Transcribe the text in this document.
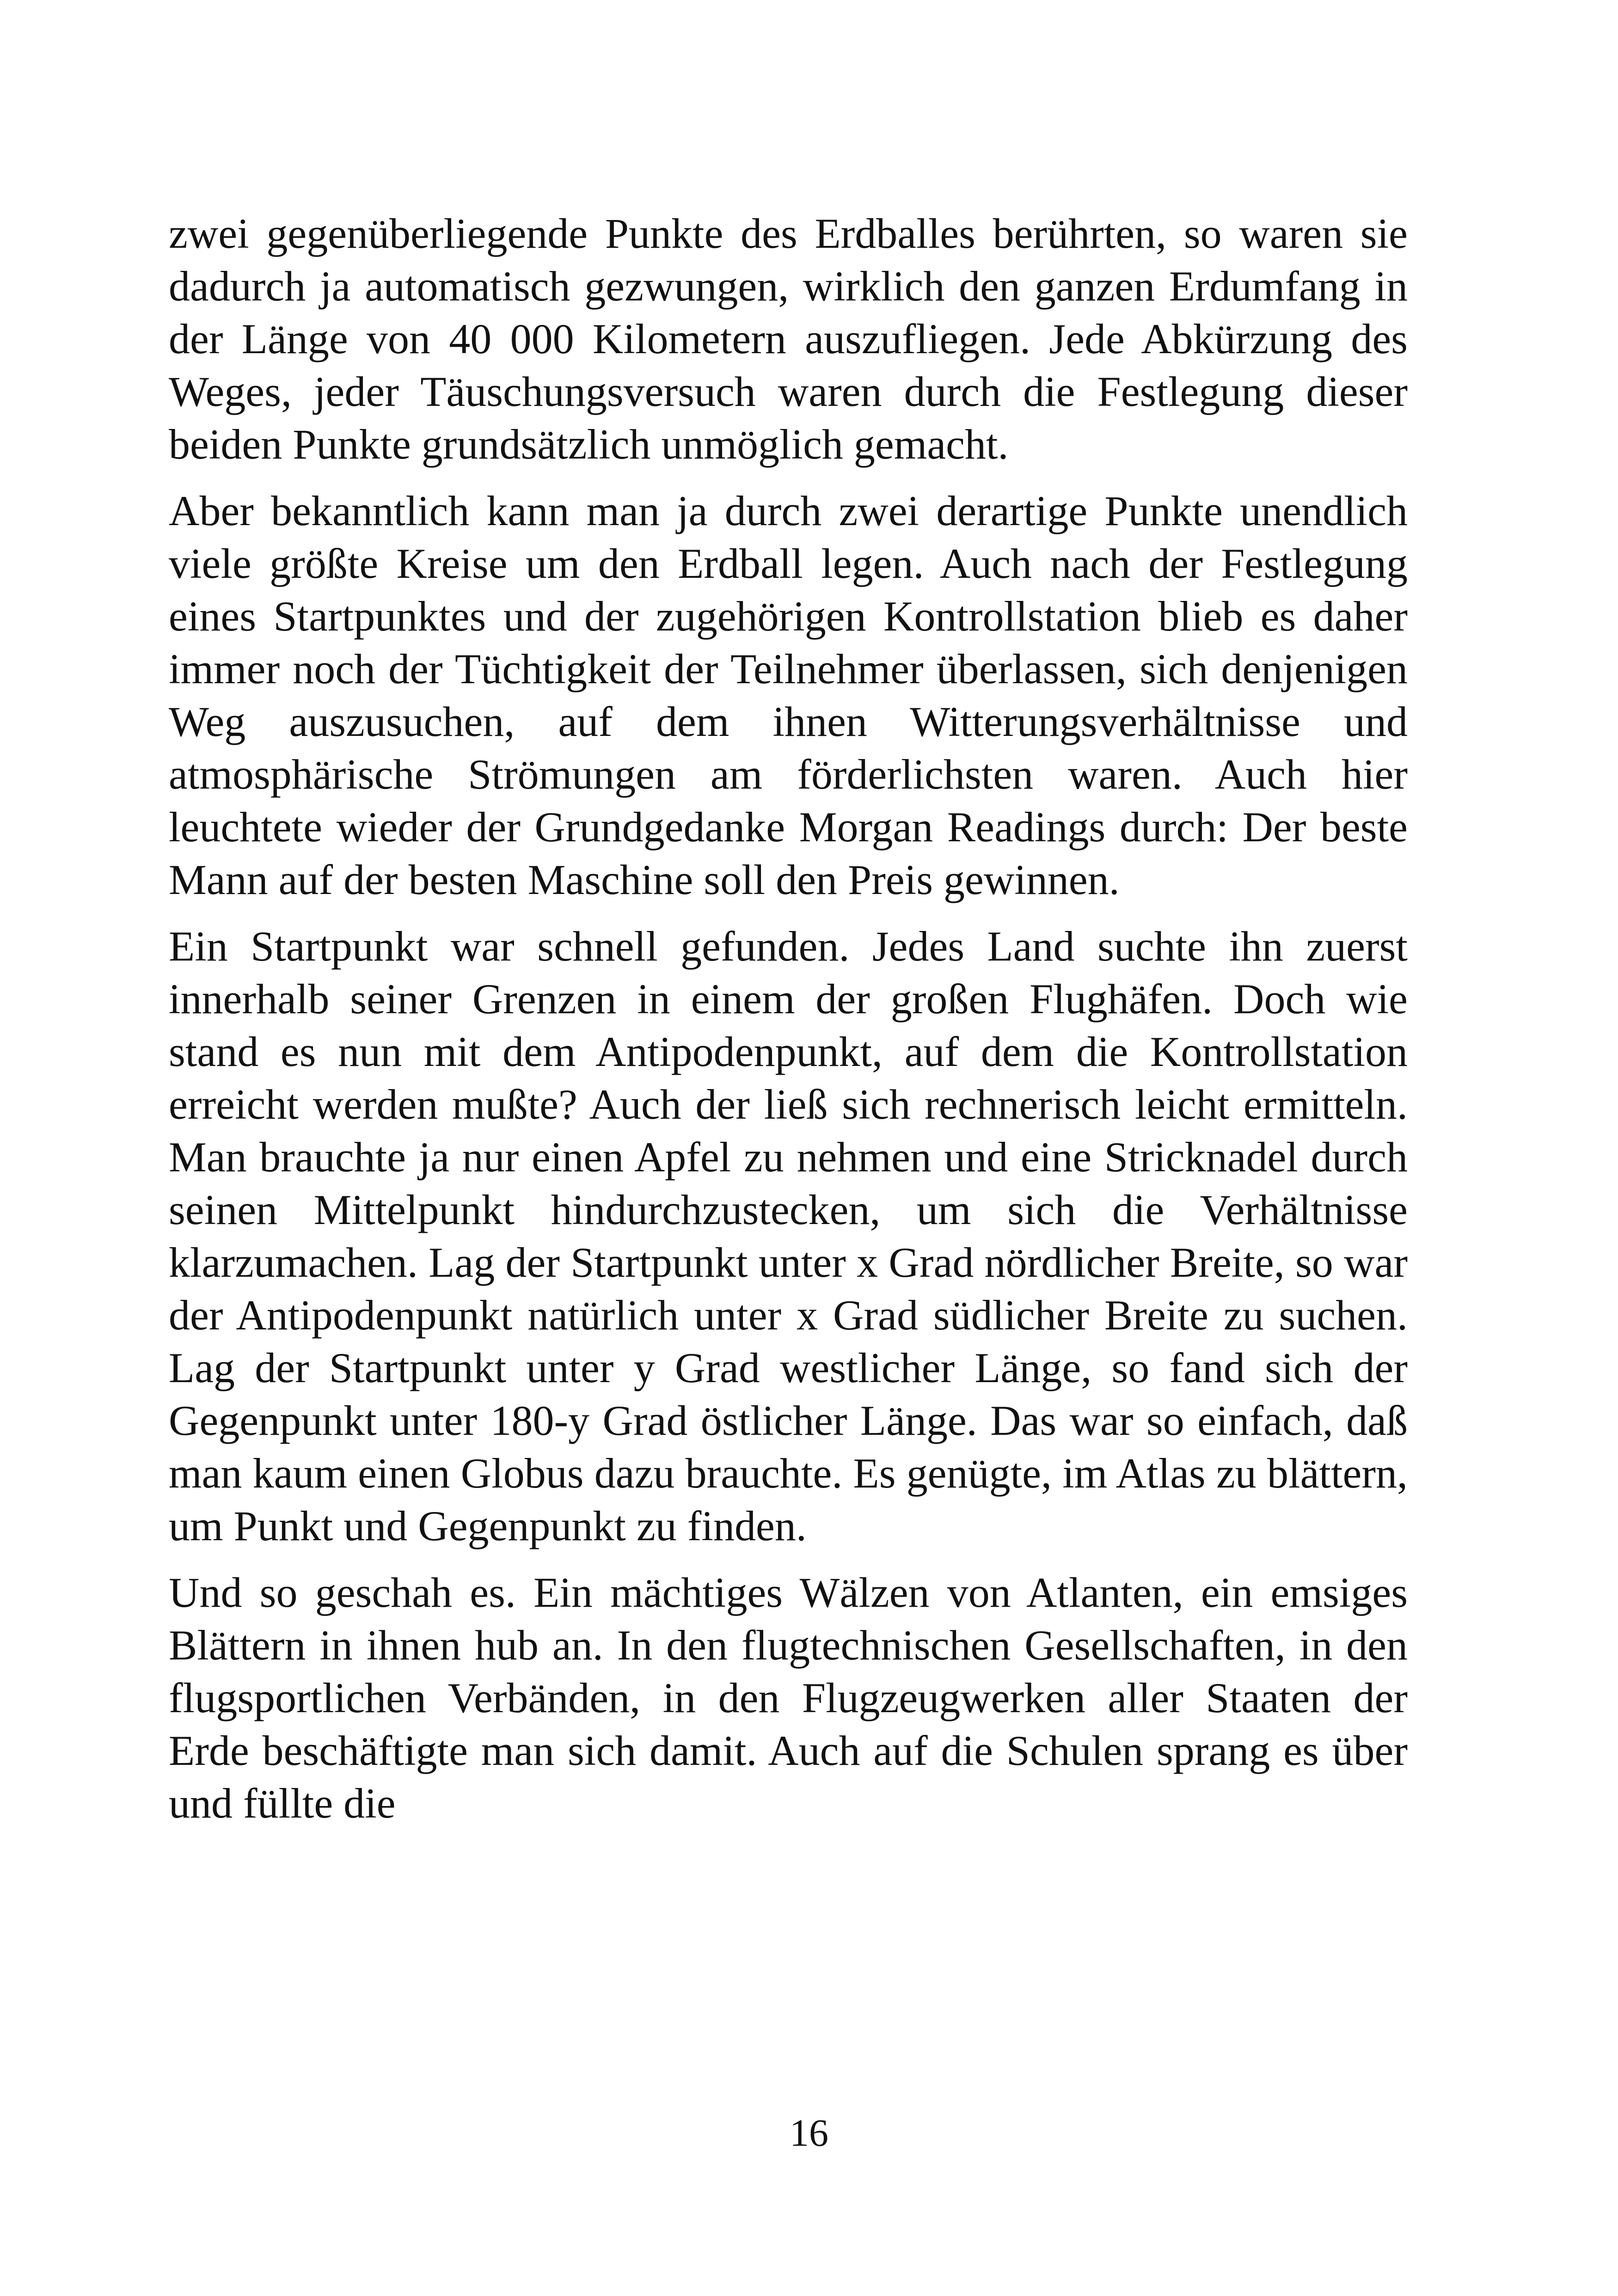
zwei gegenüberliegende Punkte des Erdballes berührten, so waren sie dadurch ja automatisch gezwungen, wirklich den ganzen Erdumfang in der Länge von 40 000 Kilometern auszufliegen. Jede Abkürzung des Weges, jeder Täuschungsversuch waren durch die Festlegung dieser beiden Punkte grundsätzlich unmöglich gemacht.

Aber bekanntlich kann man ja durch zwei derartige Punkte unendlich viele größte Kreise um den Erdball legen. Auch nach der Festlegung eines Startpunktes und der zugehörigen Kontrollstation blieb es daher immer noch der Tüchtigkeit der Teilnehmer überlassen, sich denjenigen Weg auszusuchen, auf dem ihnen Witterungsverhältnisse und atmosphärische Strömungen am förderlichsten waren. Auch hier leuchtete wieder der Grundgedanke Morgan Readings durch: Der beste Mann auf der besten Maschine soll den Preis gewinnen.

Ein Startpunkt war schnell gefunden. Jedes Land suchte ihn zuerst innerhalb seiner Grenzen in einem der großen Flughäfen. Doch wie stand es nun mit dem Antipodenpunkt, auf dem die Kontrollstation erreicht werden mußte? Auch der ließ sich rechnerisch leicht ermitteln. Man brauchte ja nur einen Apfel zu nehmen und eine Stricknadel durch seinen Mittelpunkt hindurchzustecken, um sich die Verhältnisse klarzumachen. Lag der Startpunkt unter x Grad nördlicher Breite, so war der Antipodenpunkt natürlich unter x Grad südlicher Breite zu suchen. Lag der Startpunkt unter y Grad westlicher Länge, so fand sich der Gegenpunkt unter 180-y Grad östlicher Länge. Das war so einfach, daß man kaum einen Globus dazu brauchte. Es genügte, im Atlas zu blättern, um Punkt und Gegenpunkt zu finden.

Und so geschah es. Ein mächtiges Wälzen von Atlanten, ein emsiges Blättern in ihnen hub an. In den flugtechnischen Gesellschaften, in den flugsportlichen Verbänden, in den Flugzeugwerken aller Staaten der Erde beschäftigte man sich damit. Auch auf die Schulen sprang es über und füllte die

16
